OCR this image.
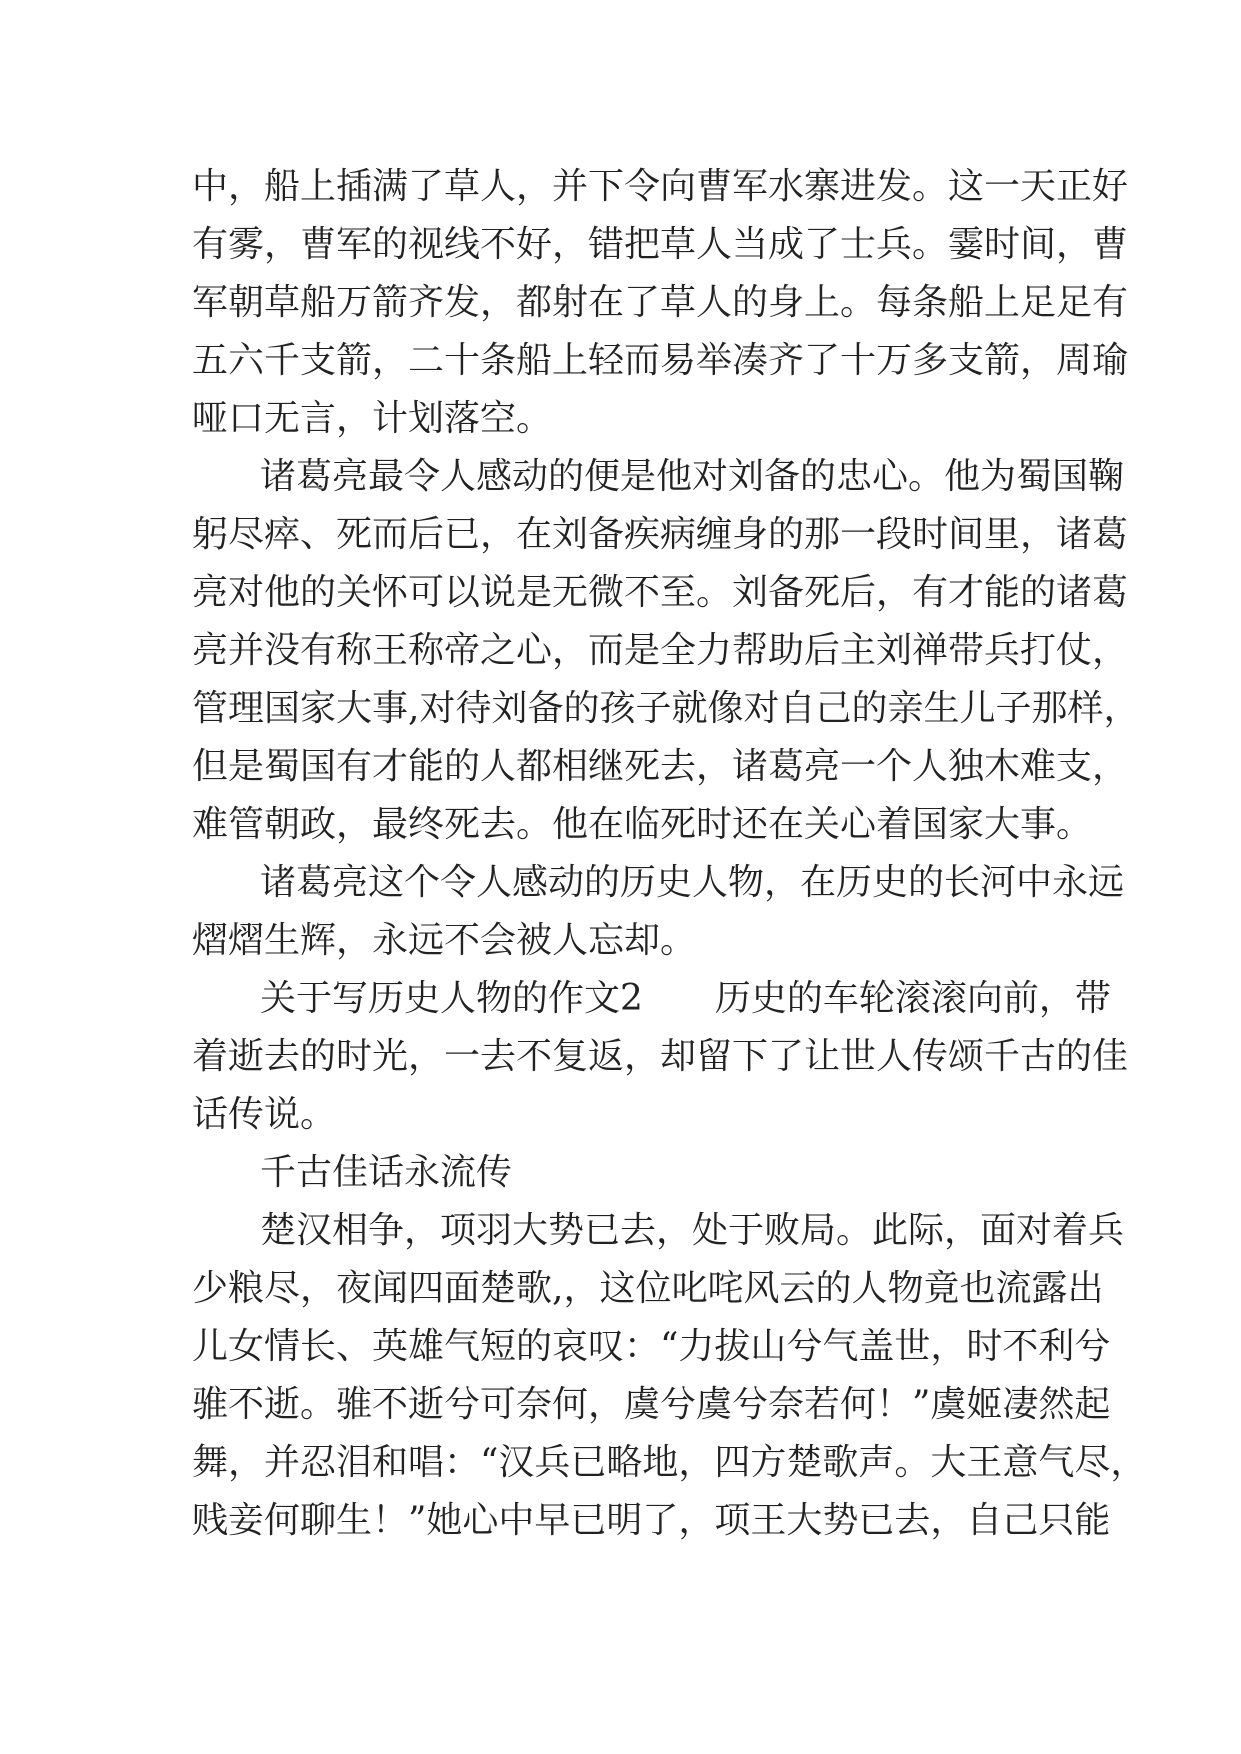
中，船上插满了草人，并下令向曹军水寨进发。这一天正好
有雾，曹军的视线不好，错把草人当成了士兵。霎时间，曹
军朝草船万箭齐发，都射在了草人的身上。每条船上足足有
五六千支箭，二十条船上轻而易举凑齐了十万多支箭，周瑜
哑口无言，计划落空。
诸葛亮最令人感动的便是他对刘备的忠心。他为蜀国鞠
躬尽瘁、死而后已，在刘备疾病缠身的那一段时间里，诸葛
亮对他的关怀可以说是无微不至。刘备死后，有才能的诸葛
亮并没有称王称帝之心，而是全力帮助后主刘禅带兵打仗，
管理国家大事,对待刘备的孩子就像对自己的亲生儿子那样，
但是蜀国有才能的人都相继死去，诸葛亮一个人独木难支，
难管朝政，最终死去。他在临死时还在关心着国家大事。
诸葛亮这个令人感动的历史人物，在历史的长河中永远
熠熠生辉，永远不会被人忘却。
关于写历史人物的作文2　　历史的车轮滚滚向前，带
着逝去的时光，一去不复返，却留下了让世人传颂千古的佳
话传说。
千古佳话永流传
楚汉相争，项羽大势已去，处于败局。此际，面对着兵
少粮尽，夜闻四面楚歌,，这位叱咤风云的人物竟也流露出
儿女情长、英雄气短的哀叹：“力拔山兮气盖世，时不利兮
骓不逝。骓不逝兮可奈何，虞兮虞兮奈若何！”虞姬凄然起
舞，并忍泪和唱：“汉兵已略地，四方楚歌声。大王意气尽，
贱妾何聊生！”她心中早已明了，项王大势已去，自己只能
